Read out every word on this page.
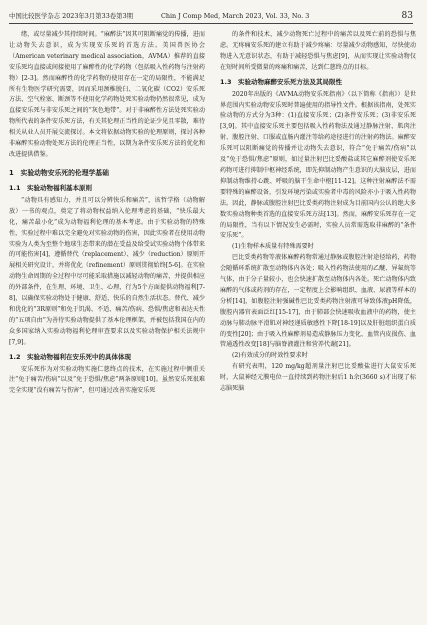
中国比较医学杂志 2023年3月第33卷第3期	Chin J Comp Med, March 2023, Vol. 33, No. 3	83

绪，或尽量减少其持续时间。“麻醉法”因其可阻断痛觉的传播，进而让动物失去意识，成为实现安乐死的首选方法。美国兽医协会（American veterinary medical association，AVMA）推荐的直接安乐死均直接或间接使用了麻醉性的化学药物（包括吸入性药物与注射药物）[2-3]。然而麻醉性的化学药物的使用存在一定的局限性，不能满足所有生物医学研究需要，因而采用颈椎脱臼、二氧化碳（CO2）安乐死方法、空气栓塞、断颈等不使用化学药物处死实验动物仍然很常见，成为直接安乐死与非安乐死之间的“灰色地带”。对于非麻醉性方法处死实验动物所代表的条件安乐死方法，有关其伦理正当性的论证少见且零散，难待相关从业人员开展交流探讨。本文将依据动物实验的伦理原则，探讨各种非麻醉实验动物处死方法的伦理正当性，以期为条件安乐死方法的优化和改进提供借鉴。

1　实验动物安乐死的伦理学基础
1.1　实验动物福利基本原则

“动物具有感知力，并且可以分辨快乐和痛苦”，该哲学格（动物解放）一书的观点，奠定了将动物权益纳入伦理考虑的基础，“快乐最大化，痛苦最小化”成为动物福利伦理的基本考虑。由于实验动物的特殊性，实验过程中难以完全避免对实验动物的伤害，因此实验者在使用动物实验为人类为至整个地球生态带来的潜在受益及给受试实验动物个体带来的可能伤害[4]，遵循替代（replacement）、减少（reduction）原则开展相关研究设计，并将优化（refinement）原则贯彻始终[5-6]。在实验动物生命周期的全过程中尽可能采取措施以减轻动物的痛苦，并提供相应的外部条件，在生理、环境、卫生、心理、行为5个方面提供动物福利[7-8]，以确保实验动物处于健康、舒适、快乐的自然生活状态。替代、减少和优化的“3R原则”和免于饥渴、不适、痛苦/伤病、恐惧/焦虑和表达天性的“五项自由”为善待实验动物提供了基本伦理框架，并被包括我国在内的众多国家纳入实验动物福利伦理审查要求以及实验动物保护相关法规中[7,9]。

1.2　实验动物福利在安乐死中的具体体现

安乐死作为对实验动物实施仁慈终点的技术，在实施过程中侧重关注“免于痛苦/伤病”以及“免于恐惧/焦虑”两条原则[10]。虽然安乐死很难完全实现“没有痛苦与伤害”，但可通过改善实施安乐死

的条件和技术，减少动物死亡过程中的痛苦以及死亡前的恐惧与焦虑。无疼痛安乐死的建立有助于减少疼痛：尽量减少动物感知，尽快使动物进入无意识状态，有助于减轻恐惧与焦虑[9]，从而实现让实验动物仅在短时间所受微量的疼痛和痛苦，达到仁慈终点的目标。

1.3　实验动物麻醉安乐死方法及其局限性

2020年出版的《AVMA动物安乐死指南》（以下简称《指南》）是世界范围内实验动物安乐死时普遍使用的指导性文件。根据该指南，处死实验动物的方式分为3种：(1)直接安乐死；(2)条件安乐死；(3)非安乐死[3,9]。其中直接安乐死主要包括吸入性药物法及通过静脉注射、肌肉注射、腹腔注射、口服或直肠内灌注等给药途径进行的注射药物法。麻醉安乐死可以阻断痛觉的传播并让动物失去意识，符合“免于痛苦/伤病”以及“免于恐惧/焦虑”原则，如过量注射巴比妥酸盐或其它麻醉剂使安乐死药物可进行抑制中枢神经系统，即先抑制动物产生意识的大脑皮层，进而抑制动物维持心跳、呼吸的脑干生命中枢[11-12]。这种注射麻醉法不需要特殊的麻醉设备，引发环境污染或实验者中毒的风险亦小于吸入性药物法。因此，静脉或腹腔注射巴比妥类药物注射成为目前国内公认的绝大多数实验动物种类首选的直接安乐死方法[13]。然而，麻醉安乐死存在一定的局限性，当有以下情况发生必需时，实验人员常需选取非麻醉的“条件安乐死”。

(1)生物样本质量有特殊需要时

巴比妥类药物等液体麻醉药物常通过静脉或腹腔注射途径给药，药物会随循环系统扩散至动物体内各处；吸入性药物法使用的乙醚、异氟烷等气体，由于分子量较小，也会快速扩散至动物体内各处。死亡动物体内致麻醉的气体或药剂的存在，一定程度上会影响组织、血液、尿液等样本的分析[14]，如腹腔注射强碱性巴比妥类药物注射液可导致体液pH降低，腹腔内器官表面泛红[15-17]，由于肺部会快速吸收血液中的药物，使主动脉与肺动脉平滑肌对神经递质敏感性下降[18-19]以及肝脏组织蛋白质的变性[20]；由于吸入性麻醉剂易造成静脉压力变化、血管内皮损伤、血管通透性改变[18]与脑脊液灌注和营养代谢[21]。

(2)有效成分的时效性要求时

有研究表明，120 mg/kg超剂量注射巴比妥酸盐进行大鼠安乐死时，大鼠神经元膜电位一直持续到药物注射后1 h余(3660 s)才出现了标志脑死脑
